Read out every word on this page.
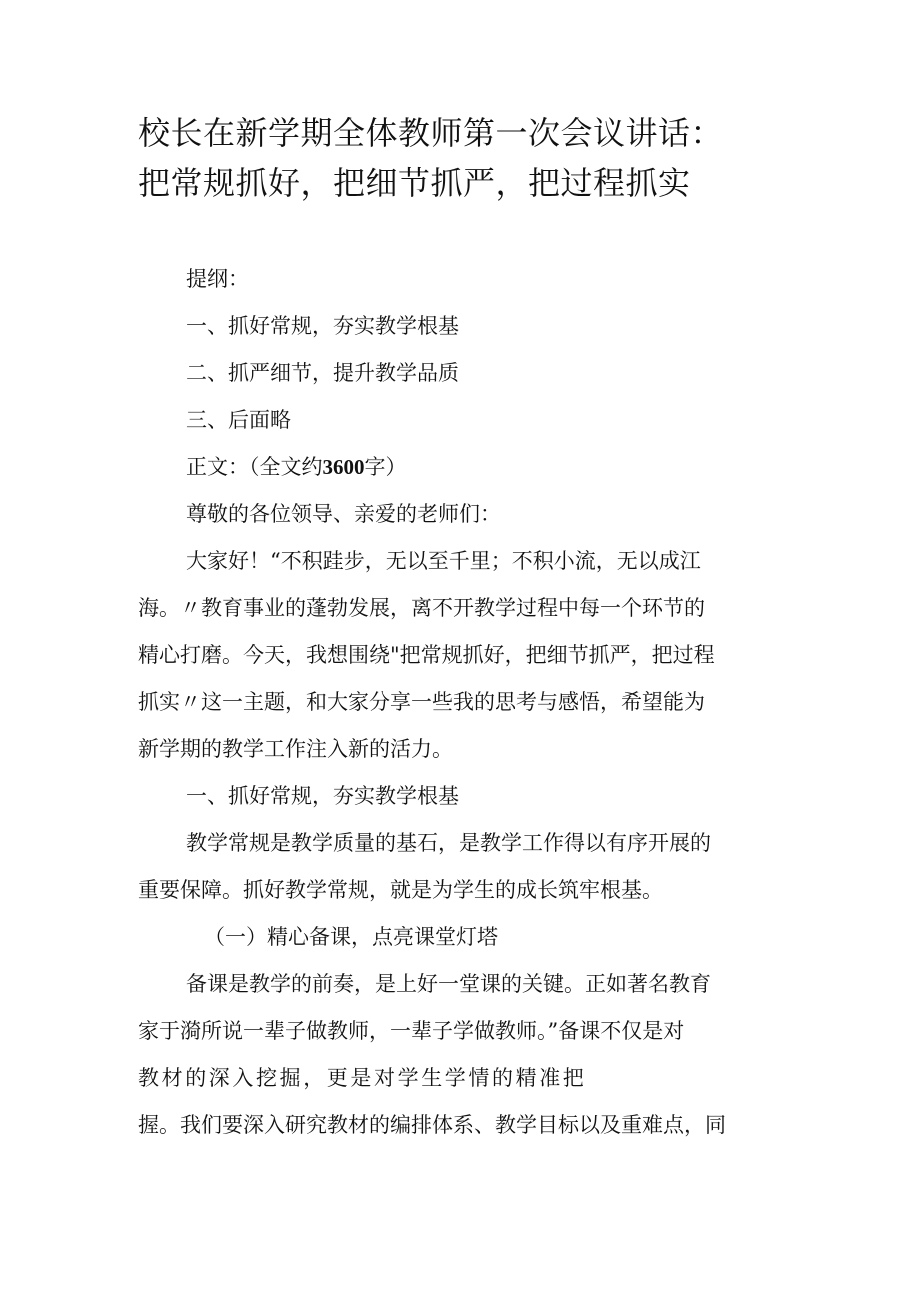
校长在新学期全体教师第一次会议讲话：
把常规抓好，把细节抓严，把过程抓实
提纲：
一、抓好常规，夯实教学根基
二、抓严细节，提升教学品质
三、后面略
正文：（全文约3600字）
尊敬的各位领导、亲爱的老师们：
大家好！“不积跬步，无以至千里；不积小流，无以成江
海。〃教育事业的蓬勃发展，离不开教学过程中每一个环节的
精心打磨。今天，我想围绕"把常规抓好，把细节抓严，把过程
抓实〃这一主题，和大家分享一些我的思考与感悟，希望能为
新学期的教学工作注入新的活力。
一、抓好常规，夯实教学根基
教学常规是教学质量的基石，是教学工作得以有序开展的
重要保障。抓好教学常规，就是为学生的成长筑牢根基。
（一）精心备课，点亮课堂灯塔
备课是教学的前奏，是上好一堂课的关键。正如著名教育
家于漪所说一辈子做教师，一辈子学做教师。”备课不仅是对
教材的深入挖掘，更是对学生学情的精准把
握。我们要深入研究教材的编排体系、教学目标以及重难点，同
